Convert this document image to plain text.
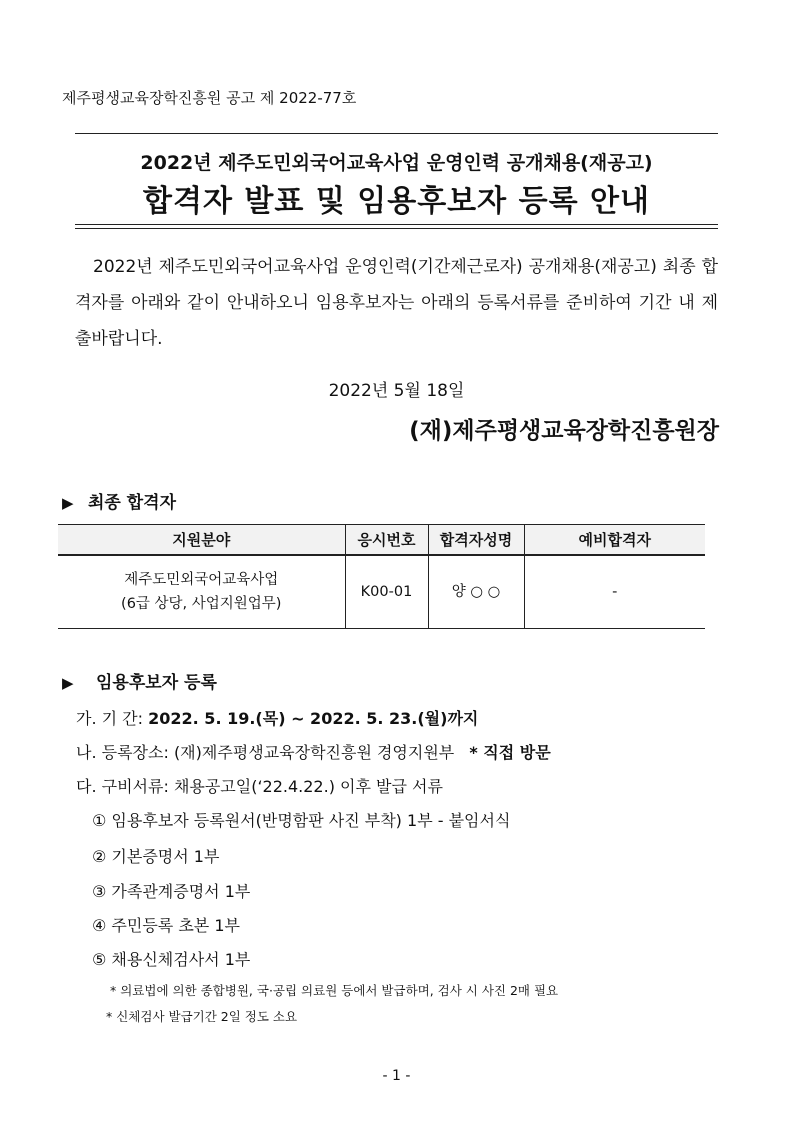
제주평생교육장학진흥원 공고 제 2022-77호
2022년 제주도민외국어교육사업 운영인력 공개채용(재공고)
합격자 발표 및 임용후보자 등록 안내
2022년 제주도민외국어교육사업 운영인력(기간제근로자) 공개채용(재공고) 최종 합격자를 아래와 같이 안내하오니 임용후보자는 아래의 등록서류를 준비하여 기간 내 제출바랍니다.
2022년 5월 18일
(재)제주평생교육장학진흥원장
▶ 최종 합격자
지원분야	응시번호	합격자성명	예비합격자

제주도민외국어교육사업
(6급 상당, 사업지원업무)	K00-01	양 ○ ○	-
▶ 임용후보자 등록
가. 기 간: 2022. 5. 19.(목) ~ 2022. 5. 23.(월)까지
나. 등록장소: (재)제주평생교육장학진흥원 경영지원부 * 직접 방문
다. 구비서류: 채용공고일(‘22.4.22.) 이후 발급 서류
① 임용후보자 등록원서(반명함판 사진 부착) 1부 - 붙임서식
② 기본증명서 1부
③ 가족관계증명서 1부
④ 주민등록 초본 1부
⑤ 채용신체검사서 1부
* 의료법에 의한 종합병원, 국·공립 의료원 등에서 발급하며, 검사 시 사진 2매 필요
* 신체검사 발급기간 2일 정도 소요
- 1 -
